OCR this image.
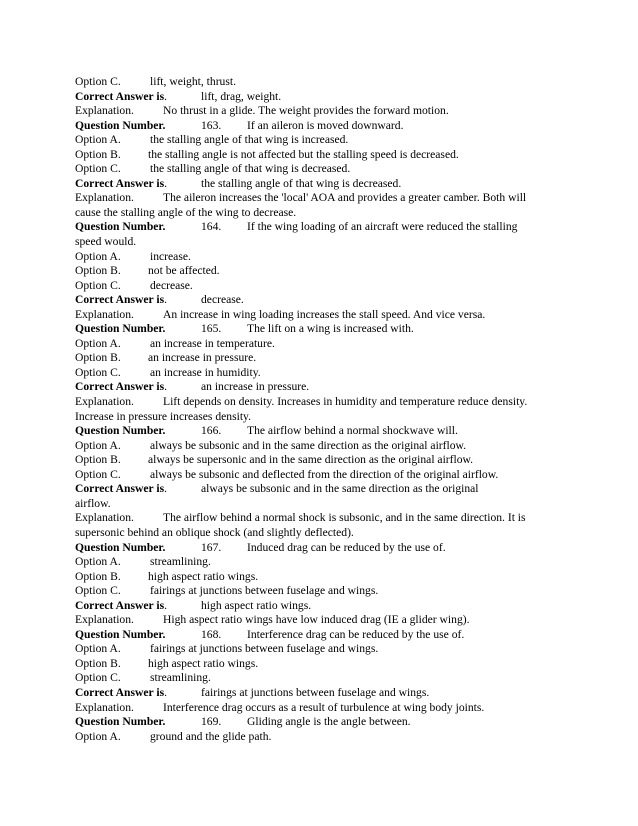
Option C.	lift, weight, thrust.
Correct Answer is.	lift, drag, weight.
Explanation.	No thrust in a glide. The weight provides the forward motion.
Question Number.	163. If an aileron is moved downward.
Option A.	the stalling angle of that wing is increased.
Option B. the stalling angle is not affected but the stalling speed is decreased.
Option C.	the stalling angle of that wing is decreased.
Correct Answer is.	the stalling angle of that wing is decreased.
Explanation.	The aileron increases the 'local' AOA and provides a greater camber. Both will
cause the stalling angle of the wing to decrease.
Question Number.	164. If the wing loading of an aircraft were reduced the stalling
speed would.
Option A.	increase.
Option B. not be affected.
Option C.	decrease.
Correct Answer is.	decrease.
Explanation.	An increase in wing loading increases the stall speed. And vice versa.
Question Number.	165. The lift on a wing is increased with.
Option A.	an increase in temperature.
Option B. an increase in pressure.
Option C.	an increase in humidity.
Correct Answer is.	an increase in pressure.
Explanation.	Lift depends on density. Increases in humidity and temperature reduce density.
Increase in pressure increases density.
Question Number.	166. The airflow behind a normal shockwave will.
Option A.	always be subsonic and in the same direction as the original airflow.
Option B. always be supersonic and in the same direction as the original airflow.
Option C.	always be subsonic and deflected from the direction of the original airflow.
Correct Answer is.	always be subsonic and in the same direction as the original
airflow.
Explanation.	The airflow behind a normal shock is subsonic, and in the same direction. It is
supersonic behind an oblique shock (and slightly deflected).
Question Number.	167. Induced drag can be reduced by the use of.
Option A.	streamlining.
Option B. high aspect ratio wings.
Option C.	fairings at junctions between fuselage and wings.
Correct Answer is.	high aspect ratio wings.
Explanation.	High aspect ratio wings have low induced drag (IE a glider wing).
Question Number.	168. Interference drag can be reduced by the use of.
Option A.	fairings at junctions between fuselage and wings.
Option B. high aspect ratio wings.
Option C.	streamlining.
Correct Answer is.	fairings at junctions between fuselage and wings.
Explanation.	Interference drag occurs as a result of turbulence at wing body joints.
Question Number.	169. Gliding angle is the angle between.
Option A.	ground and the glide path.
